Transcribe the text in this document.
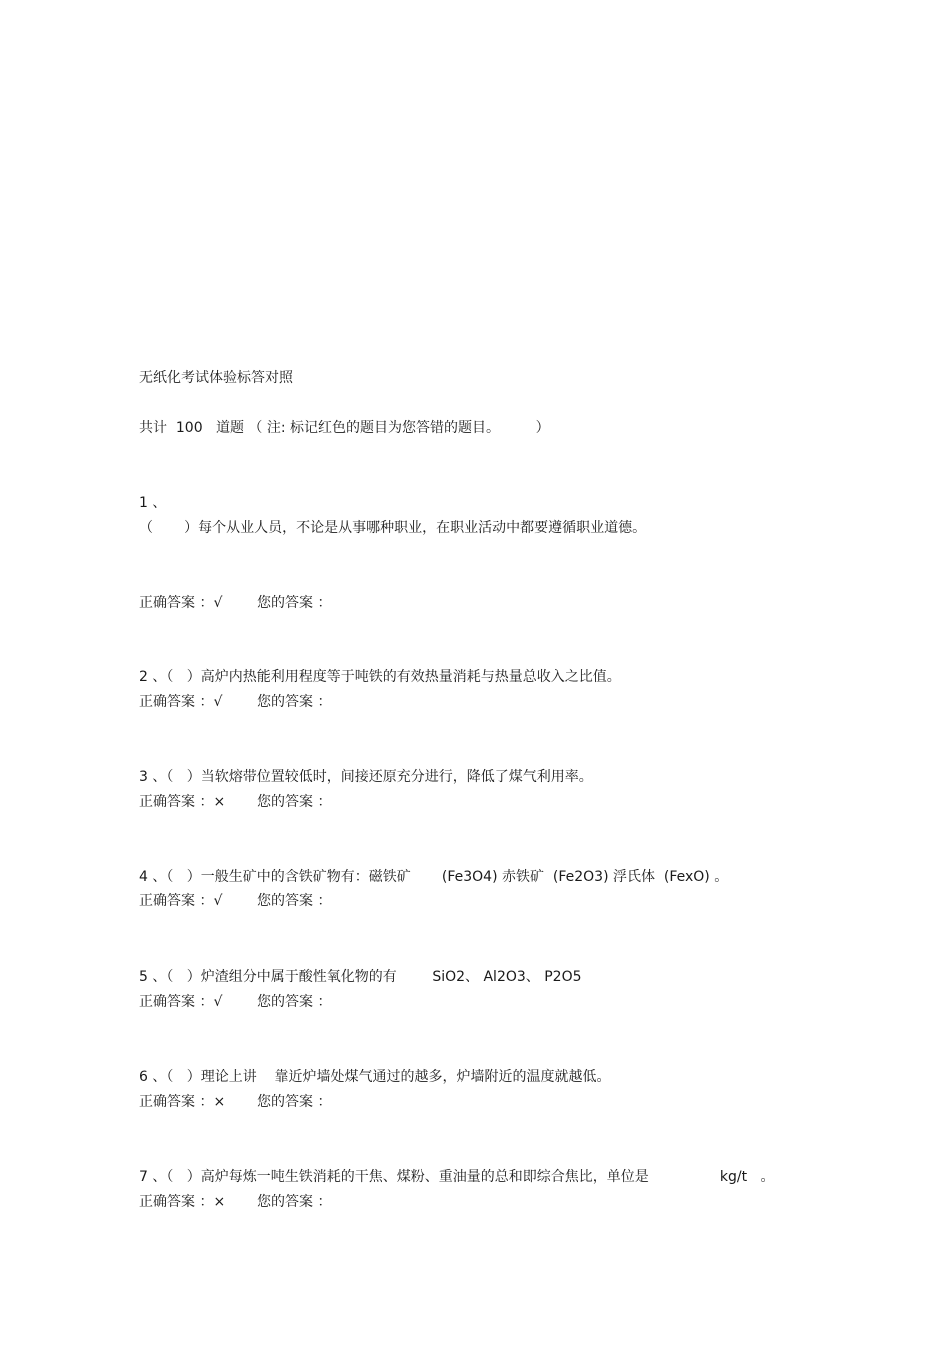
无纸化考试体验标答对照
共计  100   道题 （ 注: 标记红色的题目为您答错的题目。        ）
1 、
（       ）每个从业人员，不论是从事哪种职业，在职业活动中都要遵循职业道德。
正确答案 ：√ 您的答案 ：
2 、（   ）高炉内热能利用程度等于吨铁的有效热量消耗与热量总收入之比值。
正确答案 ：√ 您的答案 ：
3 、（   ）当软熔带位置较低时，间接还原充分进行，降低了煤气利用率。
正确答案 ：× 您的答案 ：
4 、（   ）一般生矿中的含铁矿物有：磁铁矿       (Fe3O4) 赤铁矿  (Fe2O3) 浮氏体  (FexO) 。
正确答案 ：√ 您的答案 ：
5 、（   ）炉渣组分中属于酸性氧化物的有        SiO2、 Al2O3、 P2O5
正确答案 ：√ 您的答案 ：
6 、（   ）理论上讲    靠近炉墙处煤气通过的越多，炉墙附近的温度就越低。
正确答案 ：× 您的答案 ：
7 、（   ）高炉每炼一吨生铁消耗的干焦、煤粉、重油量的总和即综合焦比，单位是                kg/t   。
正确答案 ：× 您的答案 ：
